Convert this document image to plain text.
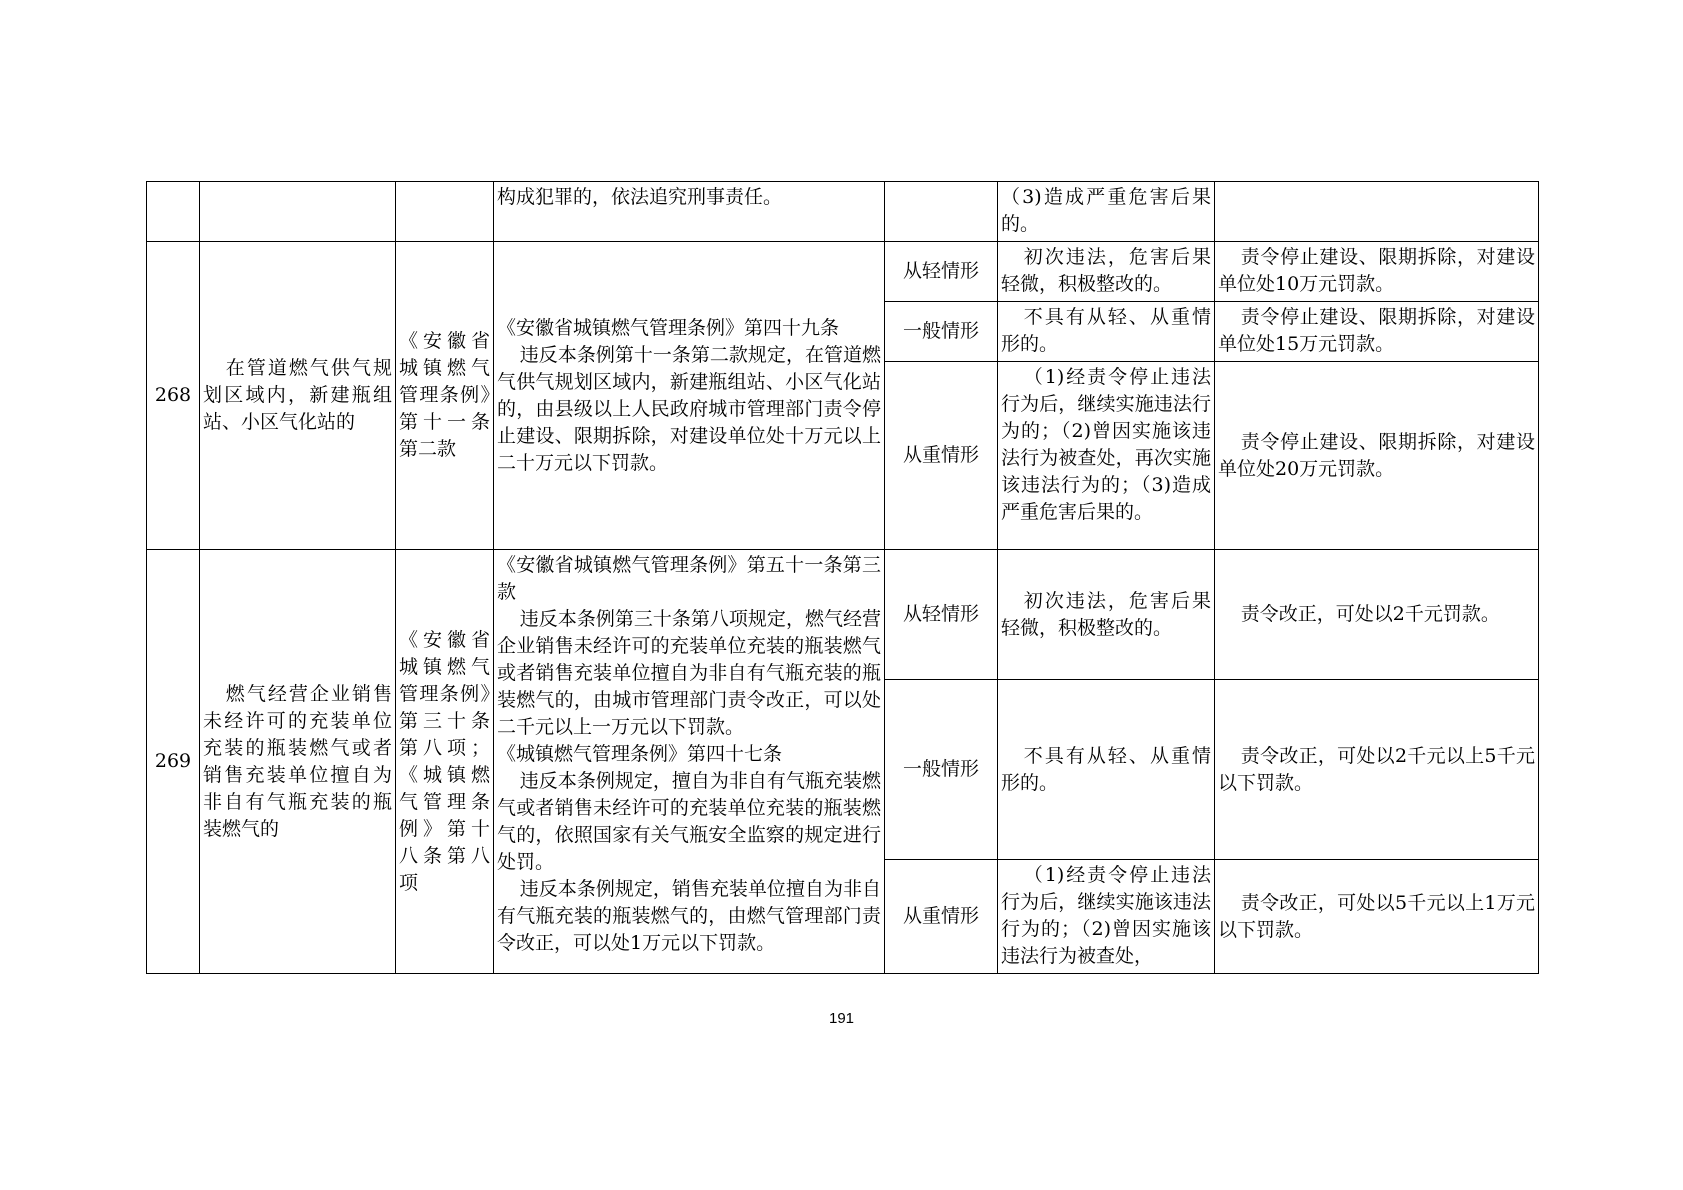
			构成犯罪的，依法追究刑事责任。		（3)造成严重危害后果的。	
268	在管道燃气供气规划区域内，新建瓶组站、小区气化站的	《安徽省城镇燃气管理条例》第十一条第二款	《安徽省城镇燃气管理条例》第四十九条
违反本条例第十一条第二款规定，在管道燃气供气规划区域内，新建瓶组站、小区气化站的，由县级以上人民政府城市管理部门责令停止建设、限期拆除，对建设单位处十万元以上二十万元以下罚款。	从轻情形	初次违法，危害后果轻微，积极整改的。	责令停止建设、限期拆除，对建设单位处10万元罚款。
				一般情形	不具有从轻、从重情形的。	责令停止建设、限期拆除，对建设单位处15万元罚款。
				从重情形	（1)经责令停止违法行为后，继续实施违法行为的；（2)曾因实施该违法行为被查处，再次实施该违法行为的；（3)造成严重危害后果的。	责令停止建设、限期拆除，对建设单位处20万元罚款。
269	燃气经营企业销售未经许可的充装单位充装的瓶装燃气或者销售充装单位擅自为非自有气瓶充装的瓶装燃气的	《安徽省城镇燃气管理条例》第三十条第八项；《城镇燃气管理条例》第十八条第八项	《安徽省城镇燃气管理条例》第五十一条第三款
违反本条例第三十条第八项规定，燃气经营企业销售未经许可的充装单位充装的瓶装燃气或者销售充装单位擅自为非自有气瓶充装的瓶装燃气的，由城市管理部门责令改正，可以处二千元以上一万元以下罚款。
《城镇燃气管理条例》第四十七条
违反本条例规定，擅自为非自有气瓶充装燃气或者销售未经许可的充装单位充装的瓶装燃气的，依照国家有关气瓶安全监察的规定进行处罚。
违反本条例规定，销售充装单位擅自为非自有气瓶充装的瓶装燃气的，由燃气管理部门责令改正，可以处1万元以下罚款。	从轻情形	初次违法，危害后果轻微，积极整改的。	责令改正，可处以2千元罚款。
				一般情形	不具有从轻、从重情形的。	责令改正，可处以2千元以上5千元以下罚款。
				从重情形	（1)经责令停止违法行为后，继续实施该违法行为的；（2)曾因实施该违法行为被查处，	责令改正，可处以5千元以上1万元以下罚款。
191
